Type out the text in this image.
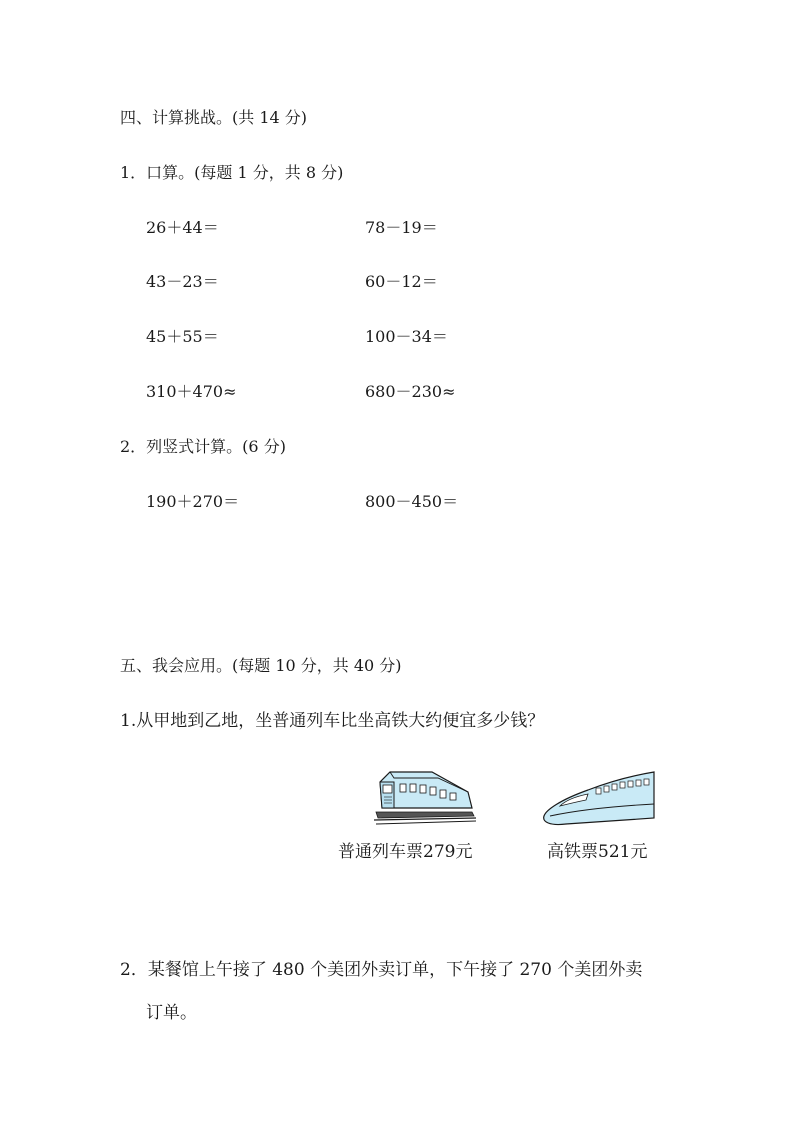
四、计算挑战。(共 14 分)
1．口算。(每题 1 分，共 8 分)
26＋44＝	78－19＝
43－23＝	60－12＝
45＋55＝	100－34＝
310＋470≈	680－230≈
2．列竖式计算。(6 分)
190＋270＝	800－450＝
五、我会应用。(每题 10 分，共 40 分)
1.从甲地到乙地，坐普通列车比坐高铁大约便宜多少钱？
普通列车票279元	高铁票521元
2．某餐馆上午接了 480 个美团外卖订单，下午接了 270 个美团外卖
订单。
